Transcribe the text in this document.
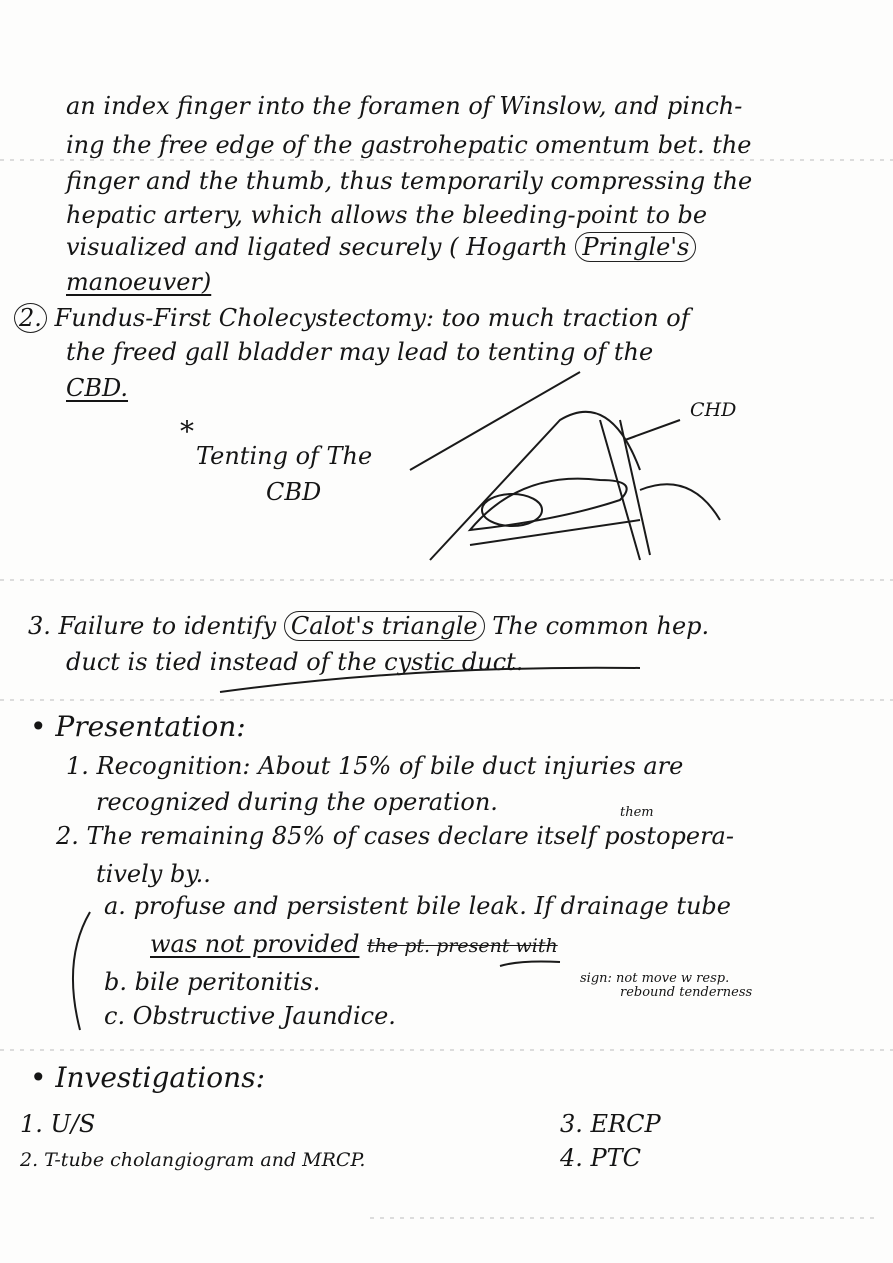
an index finger into the foramen of Winslow, and pinch-
ing the free edge of the gastrohepatic omentum bet. the
finger and the thumb, thus temporarily compressing the
hepatic artery, which allows the bleeding-point to be
visualized and ligated securely ( Hogarth Pringle's
manoeuver)
2. Fundus-First Cholecystectomy: too much traction of
the freed gall bladder may lead to tenting of the
CBD.
*
Tenting of The
CBD
CHD
3. Failure to identify Calot's triangle The common hep.
duct is tied instead of the cystic duct.
• Presentation:
1. Recognition: About 15% of bile duct injuries are
recognized during the operation.	them
2. The remaining 85% of cases declare itself postopera-
tively by..
a. profuse and persistent bile leak. If drainage tube
was not provided the pt. present with
b. bile peritonitis.	sign: not move w resp.
rebound tenderness
c. Obstructive Jaundice.
• Investigations:
1. U/S
2. T-tube cholangiogram and MRCP.
3. ERCP
4. PTC
